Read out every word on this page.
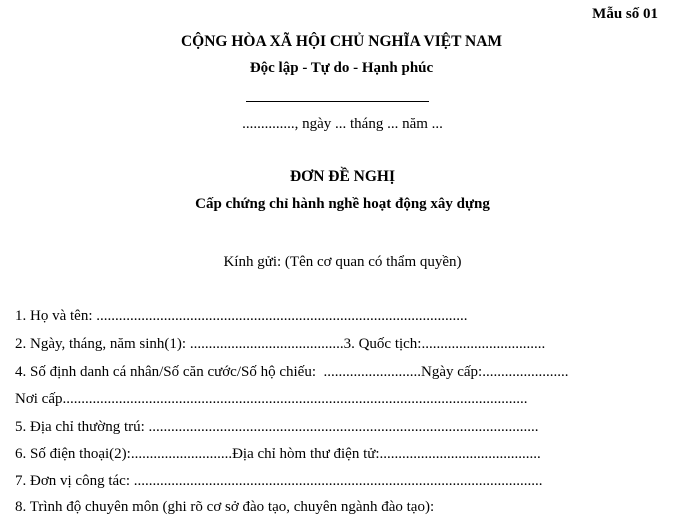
Mẫu số 01
CỘNG HÒA XÃ HỘI CHỦ NGHĨA VIỆT NAM
Độc lập - Tự do - Hạnh phúc
.............., ngày ... tháng ... năm ...
ĐƠN ĐỀ NGHỊ
Cấp chứng chỉ hành nghề hoạt động xây dựng
Kính gửi: (Tên cơ quan có thẩm quyền)
1. Họ và tên: ...................................................................................................
2. Ngày, tháng, năm sinh(1): .........................................3. Quốc tịch:.................................
4. Số định danh cá nhân/Số căn cước/Số hộ chiếu:  ..........................Ngày cấp:.......................
Nơi cấp............................................................................................................................
5. Địa chỉ thường trú: ........................................................................................................
6. Số điện thoại(2):...........................Địa chỉ hòm thư điện tử:...........................................
7. Đơn vị công tác: .............................................................................................................
8. Trình độ chuyên môn (ghi rõ cơ sở đào tạo, chuyên ngành đào tạo):
